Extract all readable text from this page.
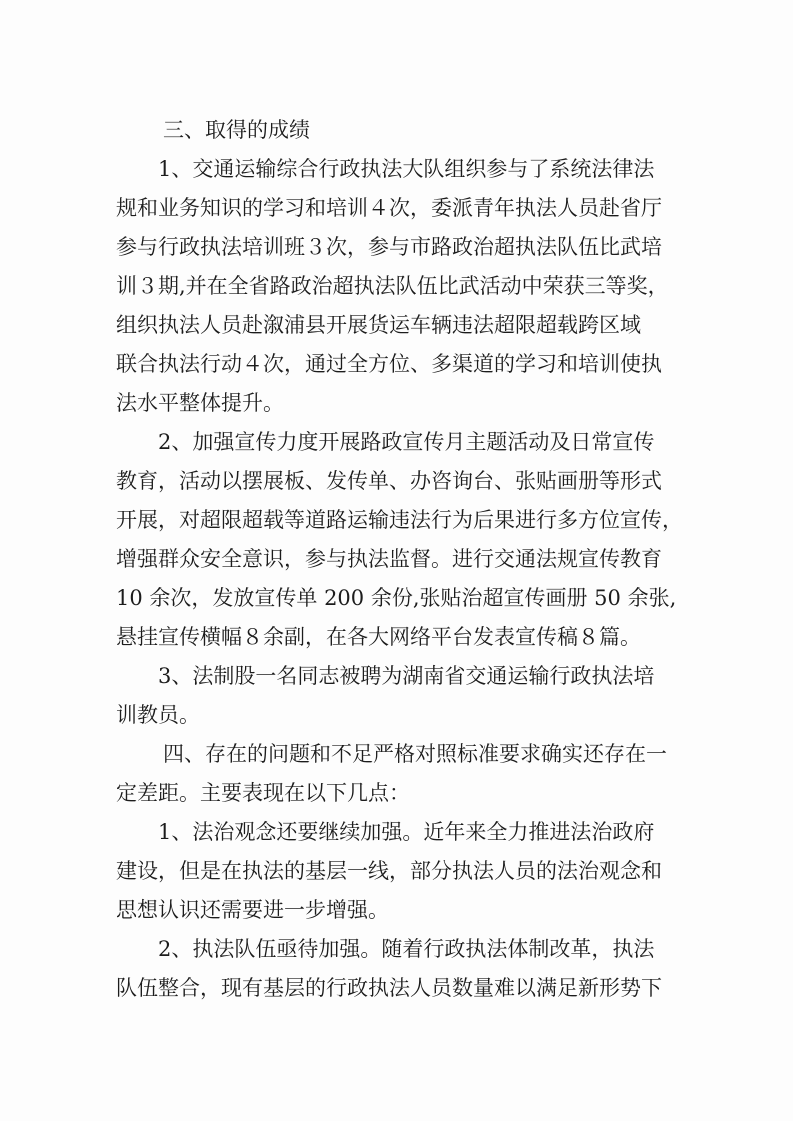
三、取得的成绩
1、交通运输综合行政执法大队组织参与了系统法律法
规和业务知识的学习和培训４次，委派青年执法人员赴省厅
参与行政执法培训班３次，参与市路政治超执法队伍比武培
训３期,并在全省路政治超执法队伍比武活动中荣获三等奖，
组织执法人员赴溆浦县开展货运车辆违法超限超载跨区域
联合执法行动４次，通过全方位、多渠道的学习和培训使执
法水平整体提升。
2、加强宣传力度开展路政宣传月主题活动及日常宣传
教育，活动以摆展板、发传单、办咨询台、张贴画册等形式
开展，对超限超载等道路运输违法行为后果进行多方位宣传，
增强群众安全意识，参与执法监督。进行交通法规宣传教育
10 余次，发放宣传单 200 余份,张贴治超宣传画册 50 余张,
悬挂宣传横幅８余副，在各大网络平台发表宣传稿８篇。
3、法制股一名同志被聘为湖南省交通运输行政执法培
训教员。
四、存在的问题和不足严格对照标准要求确实还存在一
定差距。主要表现在以下几点：
1、法治观念还要继续加强。近年来全力推进法治政府
建设，但是在执法的基层一线，部分执法人员的法治观念和
思想认识还需要进一步增强。
2、执法队伍亟待加强。随着行政执法体制改革，执法
队伍整合，现有基层的行政执法人员数量难以满足新形势下
